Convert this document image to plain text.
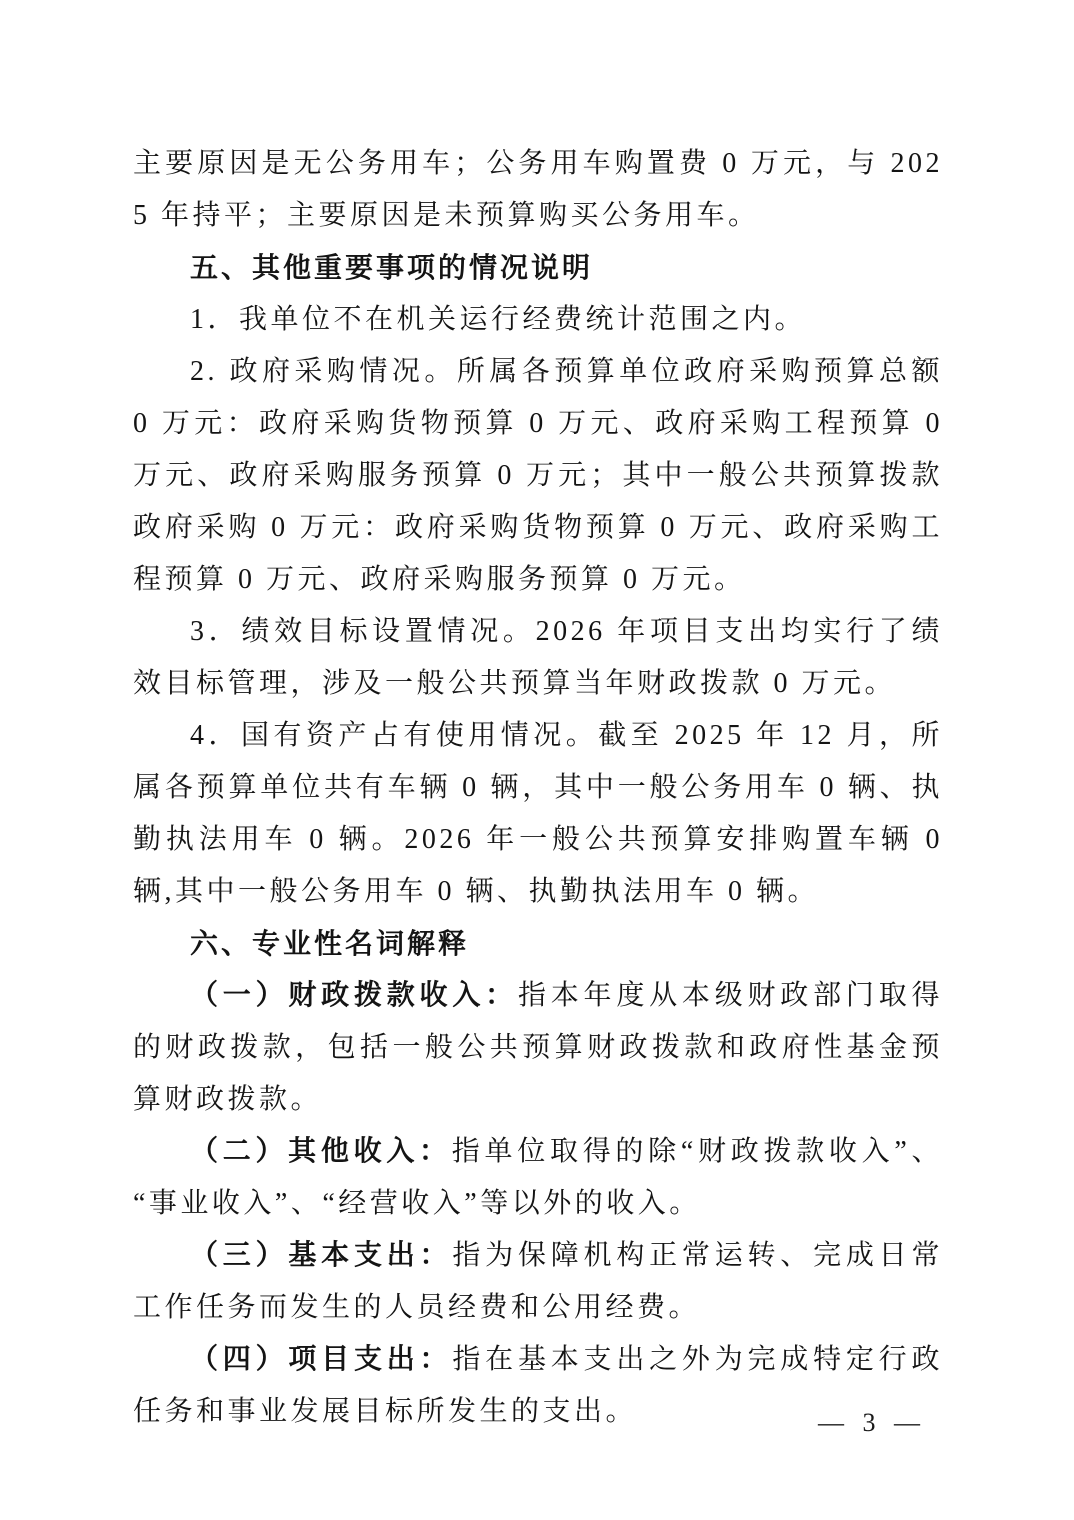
主要原因是无公务用车；公务用车购置费 0 万元，与 2025 年持平；主要原因是未预算购买公务用车。

五、其他重要事项的情况说明

1．我单位不在机关运行经费统计范围之内。

2. 政府采购情况。所属各预算单位政府采购预算总额 0 万元：政府采购货物预算 0 万元、政府采购工程预算 0 万元、政府采购服务预算 0 万元；其中一般公共预算拨款政府采购 0 万元：政府采购货物预算 0 万元、政府采购工程预算 0 万元、政府采购服务预算 0 万元。

3．绩效目标设置情况。2026 年项目支出均实行了绩效目标管理，涉及一般公共预算当年财政拨款 0 万元。

4．国有资产占有使用情况。截至 2025 年 12 月，所属各预算单位共有车辆 0 辆，其中一般公务用车 0 辆、执勤执法用车 0 辆。2026 年一般公共预算安排购置车辆 0 辆,其中一般公务用车 0 辆、执勤执法用车 0 辆。

六、专业性名词解释

（一）财政拨款收入：指本年度从本级财政部门取得的财政拨款，包括一般公共预算财政拨款和政府性基金预算财政拨款。

（二）其他收入：指单位取得的除“财政拨款收入”、“事业收入”、“经营收入”等以外的收入。

（三）基本支出：指为保障机构正常运转、完成日常工作任务而发生的人员经费和公用经费。

（四）项目支出：指在基本支出之外为完成特定行政任务和事业发展目标所发生的支出。	— 3 —
